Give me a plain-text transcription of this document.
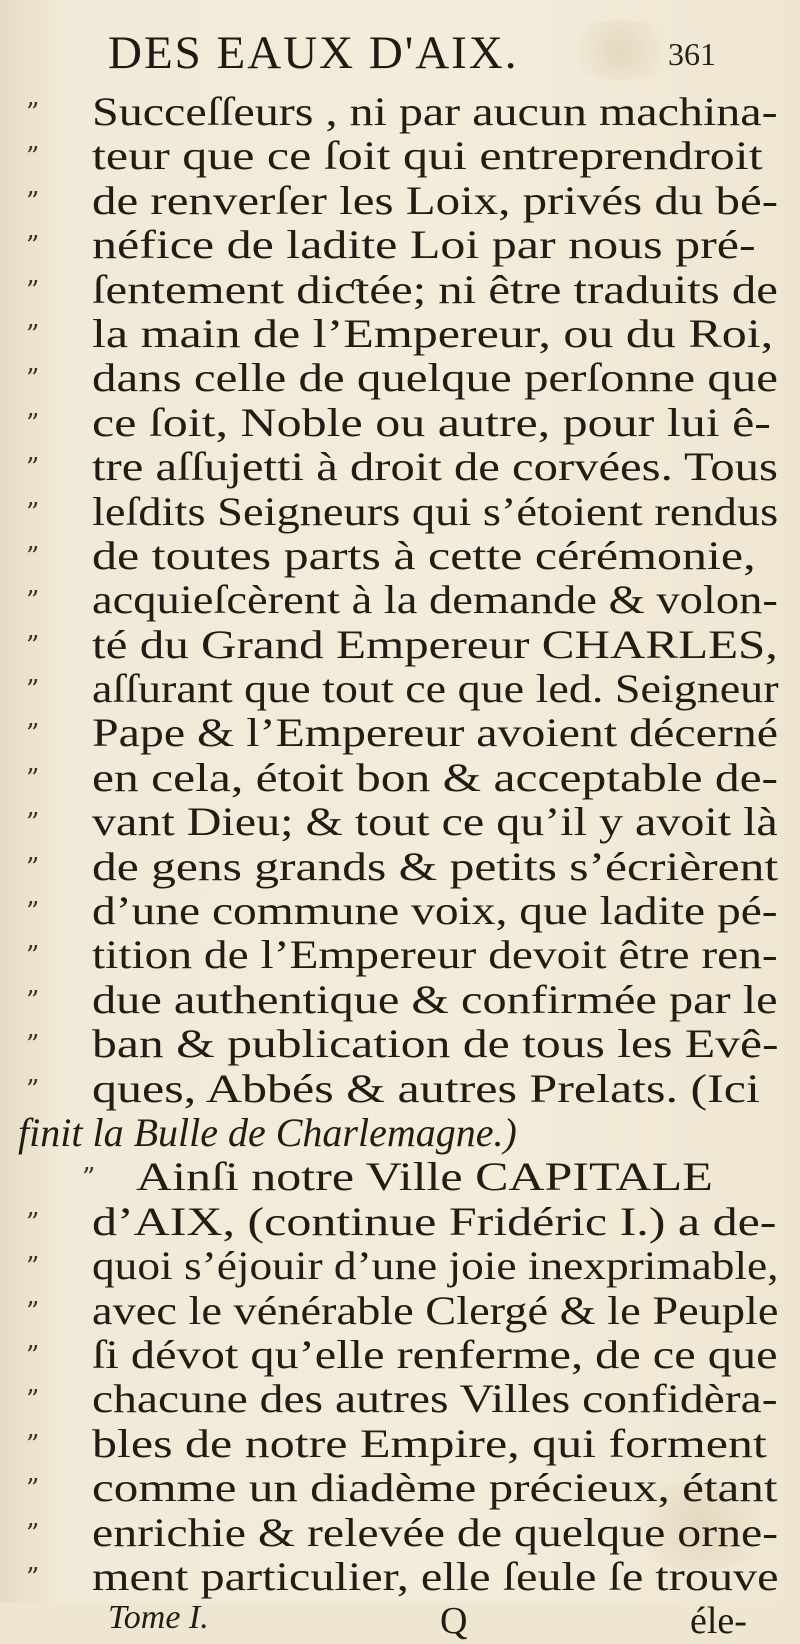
DES EAUX D'AIX.	361
” Succeſſeurs , ni par aucun machina-
” teur que ce ſoit qui entreprendroit
” de renverſer les Loix, privés du bé-
” néfice de ladite Loi par nous pré-
” ſentement diƈtée; ni être traduits de
” la main de l’Empereur, ou du Roi,
” dans celle de quelque perſonne que
” ce ſoit, Noble ou autre, pour lui ê-
” tre aſſujetti à droit de corvées. Tous
” leſdits Seigneurs qui s’étoient rendus
” de toutes parts à cette cérémonie,
” acquieſcèrent à la demande & volon-
” té du Grand Empereur CHARLES,
” aſſurant que tout ce que led. Seigneur
” Pape & l’Empereur avoient décerné
” en cela, étoit bon & acceptable de-
” vant Dieu; & tout ce qu’il y avoit là
” de gens grands & petits s’écrièrent
” d’une commune voix, que ladite pé-
” tition de l’Empereur devoit être ren-
” due authentique & confirmée par le
” ban & publication de tous les Evê-
” ques, Abbés & autres Prelats. (Ici
finit la Bulle de Charlemagne.)
” Ainſi notre Ville CAPITALE
” d’AIX, (continue Fridéric I.) a de-
” quoi s’éjouir d’une joie inexprimable,
” avec le vénérable Clergé & le Peuple
” ſi dévot qu’elle renferme, de ce que
” chacune des autres Villes confidèra-
” bles de notre Empire, qui forment
” comme un diadème précieux, étant
” enrichie & relevée de quelque orne-
” ment particulier, elle ſeule ſe trouve
Tome I.	Q	éle-
